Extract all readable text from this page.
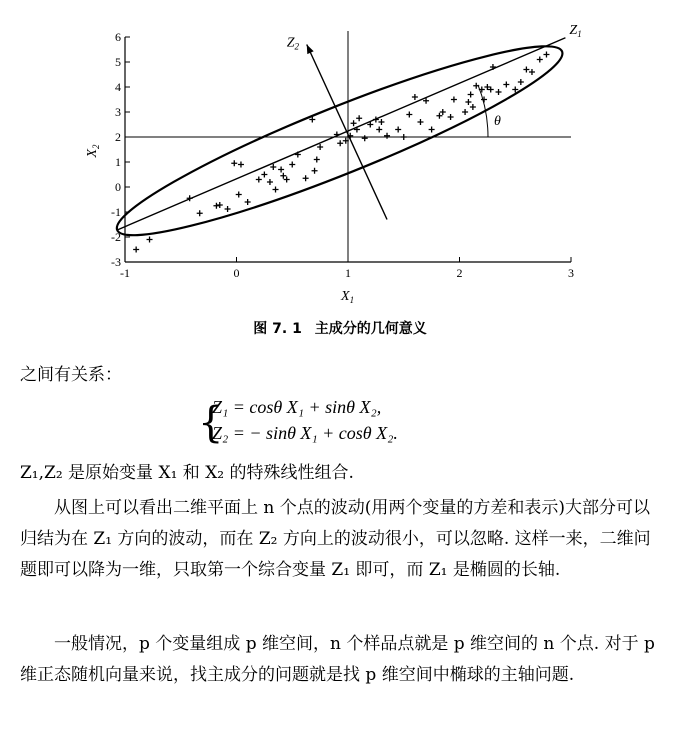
-1	0	1	2	3
-3
-2
-1
0
1
2
3
4
5
6
θ
$Z_1$
$Z_2$
$X_1$
$X_2$
图 7. 1 主成分的几何意义
之间有关系：
{
Z₁ = cosθ X₁ + sinθ X₂,
Z₂ = − sinθ X₁ + cosθ X₂.
Z₁,Z₂ 是原始变量 X₁ 和 X₂ 的特殊线性组合.
从图上可以看出二维平面上 n 个点的波动(用两个变量的方差和表示)大部分可以归结为在 Z₁ 方向的波动，而在 Z₂ 方向上的波动很小，可以忽略. 这样一来，二维问题即可以降为一维，只取第一个综合变量 Z₁ 即可，而 Z₁ 是椭圆的长轴.
一般情况，p 个变量组成 p 维空间，n 个样品点就是 p 维空间的 n 个点. 对于 p 维正态随机向量来说，找主成分的问题就是找 p 维空间中椭球的主轴问题.
